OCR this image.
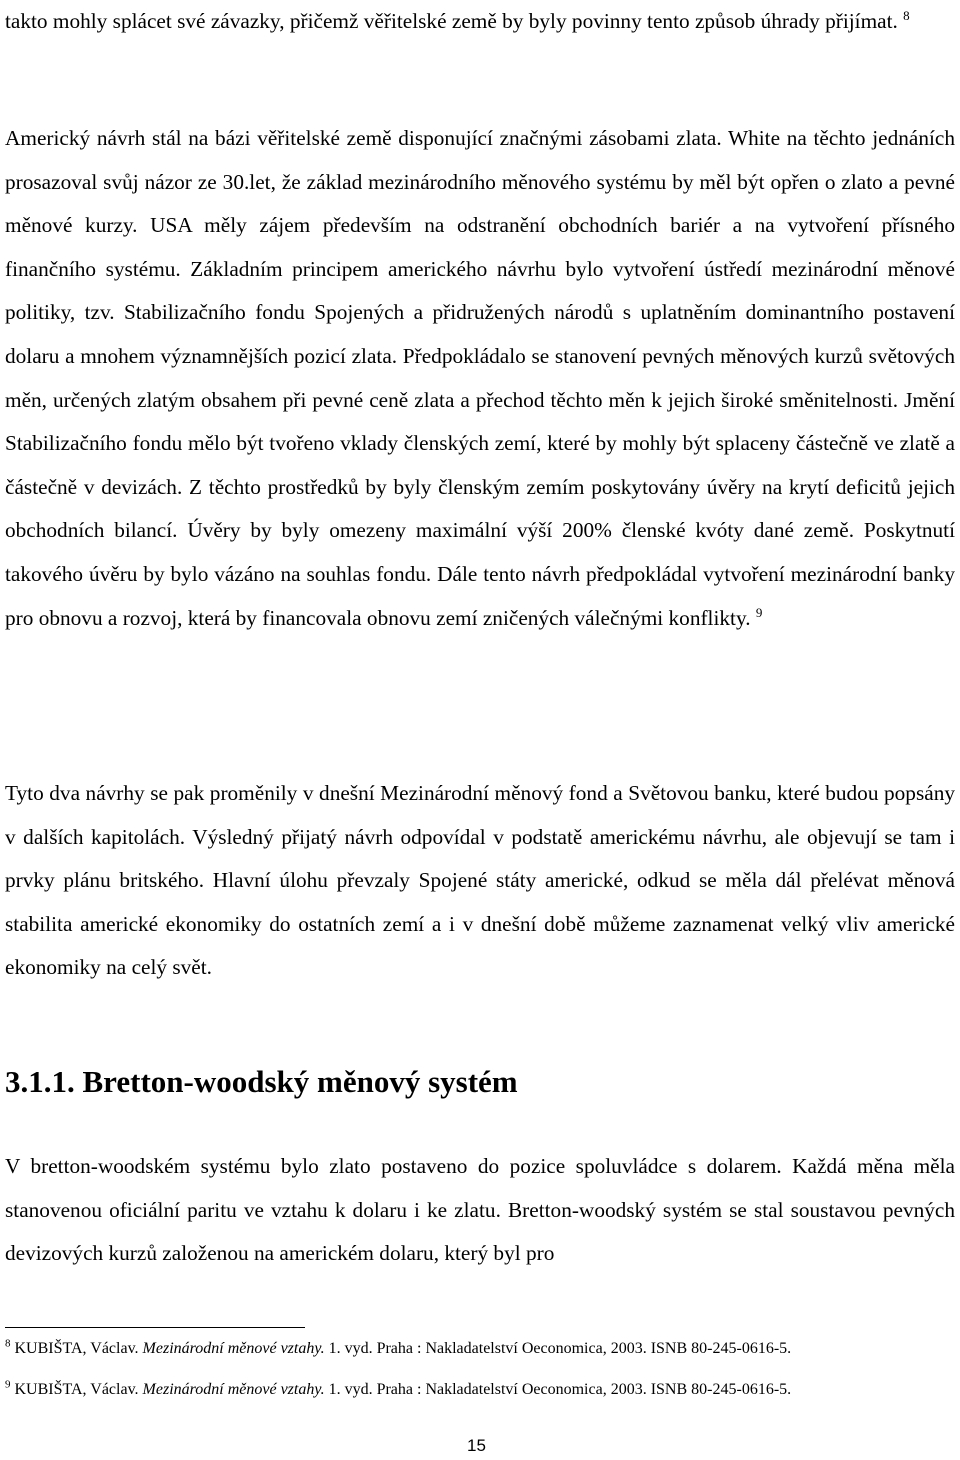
takto mohly splácet své závazky, přičemž věřitelské země by byly povinny tento způsob úhrady přijímat. $^8$

Americký návrh stál na bázi věřitelské země disponující značnými zásobami zlata. White na těchto jednáních prosazoval svůj názor ze 30.let, že základ mezinárodního měnového systému by měl být opřen o zlato a pevné měnové kurzy. USA měly zájem především na odstranění obchodních bariér a na vytvoření přísného finančního systému. Základním principem amerického návrhu bylo vytvoření ústředí mezinárodní měnové politiky, tzv. Stabilizačního fondu Spojených a přidružených národů s uplatněním dominantního postavení dolaru a mnohem významnějších pozicí zlata. Předpokládalo se stanovení pevných měnových kurzů světových měn, určených zlatým obsahem při pevné ceně zlata a přechod těchto měn k jejich široké směnitelnosti. Jmění Stabilizačního fondu mělo být tvořeno vklady členských zemí, které by mohly být splaceny částečně ve zlatě a částečně v devizách. Z těchto prostředků by byly členským zemím poskytovány úvěry na krytí deficitů jejich obchodních bilancí. Úvěry by byly omezeny maximální výší 200% členské kvóty dané země. Poskytnutí takového úvěru by bylo vázáno na souhlas fondu. Dále tento návrh předpokládal vytvoření mezinárodní banky pro obnovu a rozvoj, která by financovala obnovu zemí zničených válečnými konflikty. $^9$

Tyto dva návrhy se pak proměnily v dnešní Mezinárodní měnový fond a Světovou banku, které budou popsány v dalších kapitolách. Výsledný přijatý návrh odpovídal v podstatě americkému návrhu, ale objevují se tam i prvky plánu britského. Hlavní úlohu převzaly Spojené státy americké, odkud se měla dál přelévat měnová stabilita americké ekonomiky do ostatních zemí a i v dnešní době můžeme zaznamenat velký vliv americké ekonomiky na celý svět.

3.1.1. Bretton-woodský měnový systém

V bretton-woodském systému bylo zlato postaveno do pozice spoluvládce s dolarem. Každá měna měla stanovenou oficiální paritu ve vztahu k dolaru i ke zlatu. Bretton-woodský systém se stal soustavou pevných devizových kurzů založenou na americkém dolaru, který byl pro

$^8$ KUBIŠTA, Václav. Mezinárodní měnové vztahy. 1. vyd. Praha : Nakladatelství Oeconomica, 2003. ISNB 80-245-0616-5.

$^9$ KUBIŠTA, Václav. Mezinárodní měnové vztahy. 1. vyd. Praha : Nakladatelství Oeconomica, 2003. ISNB 80-245-0616-5.

15
